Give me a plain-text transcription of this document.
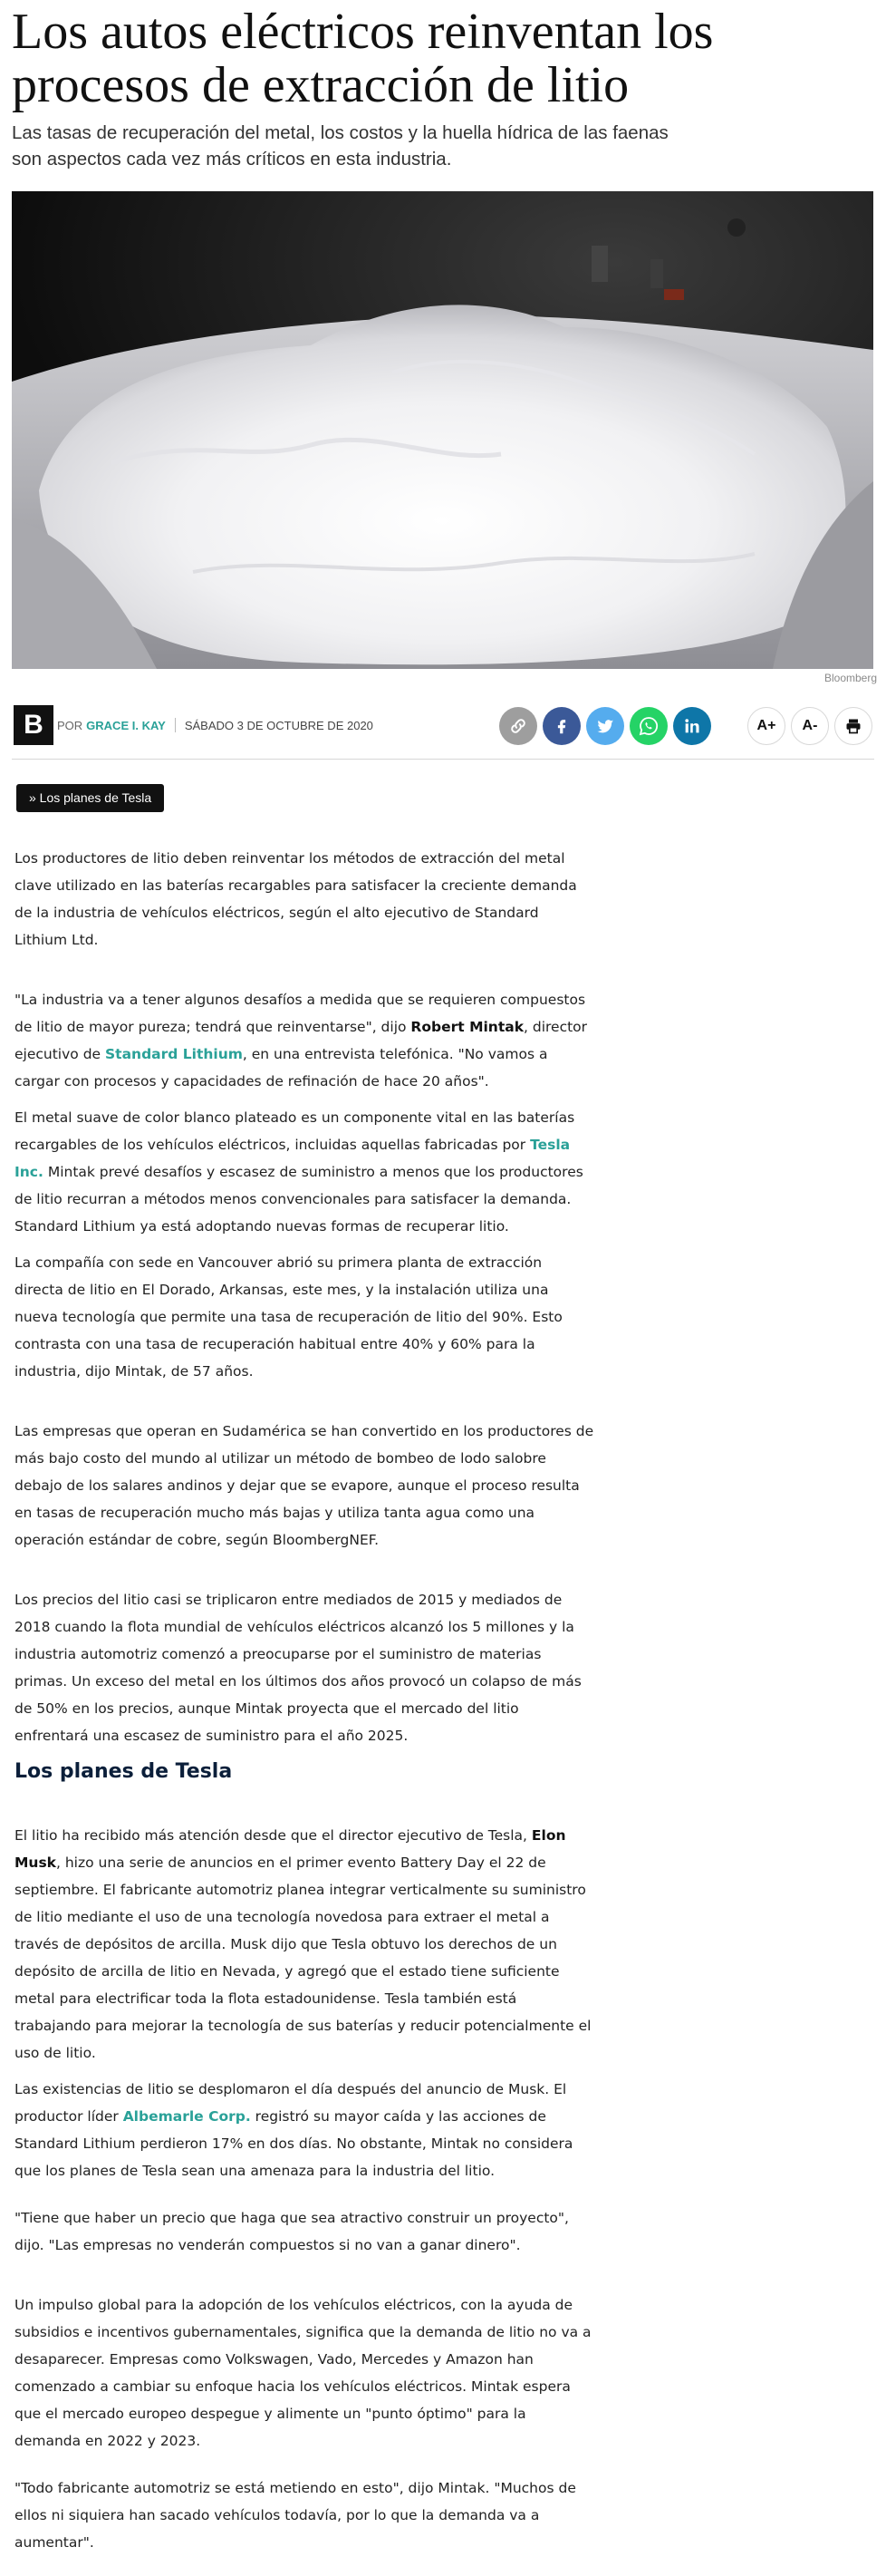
Los autos eléctricos reinventan los procesos de extracción de litio

Las tasas de recuperación del metal, los costos y la huella hídrica de las faenas son aspectos cada vez más críticos en esta industria.

Bloomberg
B	POR GRACE I. KAY SÁBADO 3 DE OCTUBRE DE 2020	A+	A-
» Los planes de Tesla

Los productores de litio deben reinventar los métodos de extracción del metal clave utilizado en las baterías recargables para satisfacer la creciente demanda de la industria de vehículos eléctricos, según el alto ejecutivo de Standard Lithium Ltd.

"La industria va a tener algunos desafíos a medida que se requieren compuestos de litio de mayor pureza; tendrá que reinventarse", dijo Robert Mintak, director ejecutivo de Standard Lithium, en una entrevista telefónica. "No vamos a cargar con procesos y capacidades de refinación de hace 20 años".

El metal suave de color blanco plateado es un componente vital en las baterías recargables de los vehículos eléctricos, incluidas aquellas fabricadas por Tesla Inc. Mintak prevé desafíos y escasez de suministro a menos que los productores de litio recurran a métodos menos convencionales para satisfacer la demanda. Standard Lithium ya está adoptando nuevas formas de recuperar litio.

La compañía con sede en Vancouver abrió su primera planta de extracción directa de litio en El Dorado, Arkansas, este mes, y la instalación utiliza una nueva tecnología que permite una tasa de recuperación de litio del 90%. Esto contrasta con una tasa de recuperación habitual entre 40% y 60% para la industria, dijo Mintak, de 57 años.

Las empresas que operan en Sudamérica se han convertido en los productores de más bajo costo del mundo al utilizar un método de bombeo de lodo salobre debajo de los salares andinos y dejar que se evapore, aunque el proceso resulta en tasas de recuperación mucho más bajas y utiliza tanta agua como una operación estándar de cobre, según BloombergNEF.

Los precios del litio casi se triplicaron entre mediados de 2015 y mediados de 2018 cuando la flota mundial de vehículos eléctricos alcanzó los 5 millones y la industria automotriz comenzó a preocuparse por el suministro de materias primas. Un exceso del metal en los últimos dos años provocó un colapso de más de 50% en los precios, aunque Mintak proyecta que el mercado del litio enfrentará una escasez de suministro para el año 2025.

Los planes de Tesla

El litio ha recibido más atención desde que el director ejecutivo de Tesla, Elon Musk, hizo una serie de anuncios en el primer evento Battery Day el 22 de septiembre. El fabricante automotriz planea integrar verticalmente su suministro de litio mediante el uso de una tecnología novedosa para extraer el metal a través de depósitos de arcilla. Musk dijo que Tesla obtuvo los derechos de un depósito de arcilla de litio en Nevada, y agregó que el estado tiene suficiente metal para electrificar toda la flota estadounidense. Tesla también está trabajando para mejorar la tecnología de sus baterías y reducir potencialmente el uso de litio.

Las existencias de litio se desplomaron el día después del anuncio de Musk. El productor líder Albemarle Corp. registró su mayor caída y las acciones de Standard Lithium perdieron 17% en dos días. No obstante, Mintak no considera que los planes de Tesla sean una amenaza para la industria del litio.

"Tiene que haber un precio que haga que sea atractivo construir un proyecto", dijo. "Las empresas no venderán compuestos si no van a ganar dinero".

Un impulso global para la adopción de los vehículos eléctricos, con la ayuda de subsidios e incentivos gubernamentales, significa que la demanda de litio no va a desaparecer. Empresas como Volkswagen, Vado, Mercedes y Amazon han comenzado a cambiar su enfoque hacia los vehículos eléctricos. Mintak espera que el mercado europeo despegue y alimente un "punto óptimo" para la demanda en 2022 y 2023.

"Todo fabricante automotriz se está metiendo en esto", dijo Mintak. "Muchos de ellos ni siquiera han sacado vehículos todavía, por lo que la demanda va a aumentar".
